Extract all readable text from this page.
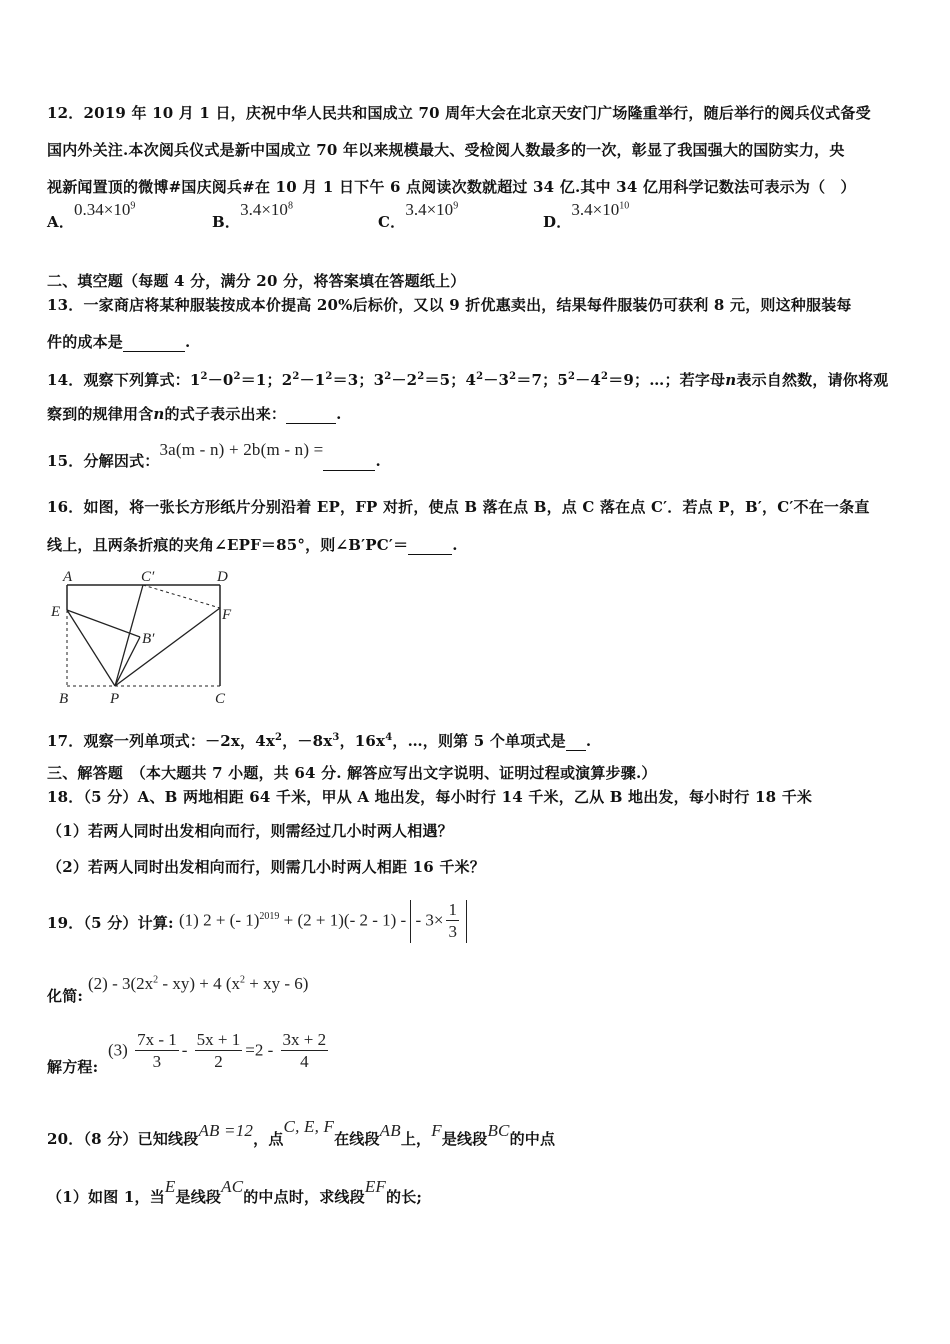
12．2019 年 10 月 1 日，庆祝中华人民共和国成立 70 周年大会在北京天安门广场隆重举行，随后举行的阅兵仪式备受
国内外关注.本次阅兵仪式是新中国成立 70 年以来规模最大、受检阅人数最多的一次，彰显了我国强大的国防实力，央
视新闻置顶的微博#国庆阅兵#在 10 月 1 日下午 6 点阅读次数就超过 34 亿.其中 34 亿用科学记数法可表示为（　）
A．$0.34\times 10^9$
B．$3.4\times 10^8$
C．$3.4\times 10^9$
D．$3.4\times 10^{10}$
二、填空题（每题 4 分，满分 20 分，将答案填在答题纸上）
13．一家商店将某种服装按成本价提高 20%后标价，又以 9 折优惠卖出，结果每件服装仍可获利 8 元，则这种服装每
件的成本是	.
14．观察下列算式：$1^2-0^2=1$；$2^2-1^2=3$；$3^2-2^2=5$；$4^2-3^2=7$；$5^2-4^2=9$；…；若字母n表示自然数，请你将观
察到的规律用含n的式子表示出来：	.
15．分解因式：3a(m - n) + 2b(m - n) =.
16．如图，将一张长方形纸片分别沿着 EP，FP 对折，使点 B 落在点 B，点 C 落在点 C′．若点 P，B′，C′不在一条直
线上，且两条折痕的夹角∠EPF＝85°，则∠B′PC′＝	.
A	C′	D
E	F
B′
B	P	C
17．观察一列单项式：－2x，$4x^2$，$-8x^3$，$16x^4$，…，则第 5 个单项式是 .
三、解答题　（本大题共 7 小题，共 64 分. 解答应写出文字说明、证明过程或演算步骤.）
18．（5 分）A、B 两地相距 64 千米，甲从 A 地出发，每小时行 14 千米，乙从 B 地出发，每小时行 18 千米
（1）若两人同时出发相向而行，则需经过几小时两人相遇？
（2）若两人同时出发相向而行，则需几小时两人相距 16 千米？
19．（5 分）计算: (1) 2 + (- 1)$^{2019}$ + (2 + 1)(- 2 - 1) - - $3\times \frac{1}{3}$
化简:
$(2) - 3(2x^2 - xy) + 4$ ($x^2$ + xy - 6)
解方程:
$(3) \frac{7x - 1}{3} - \frac{5x + 1}{2} =2 - \frac{3x + 2}{4}$
20．（8 分）已知线段AB =12，点C, E, F在线段AB上，F是线段BC的中点
（1）如图 1，当E是线段AC的中点时，求线段EF的长;
